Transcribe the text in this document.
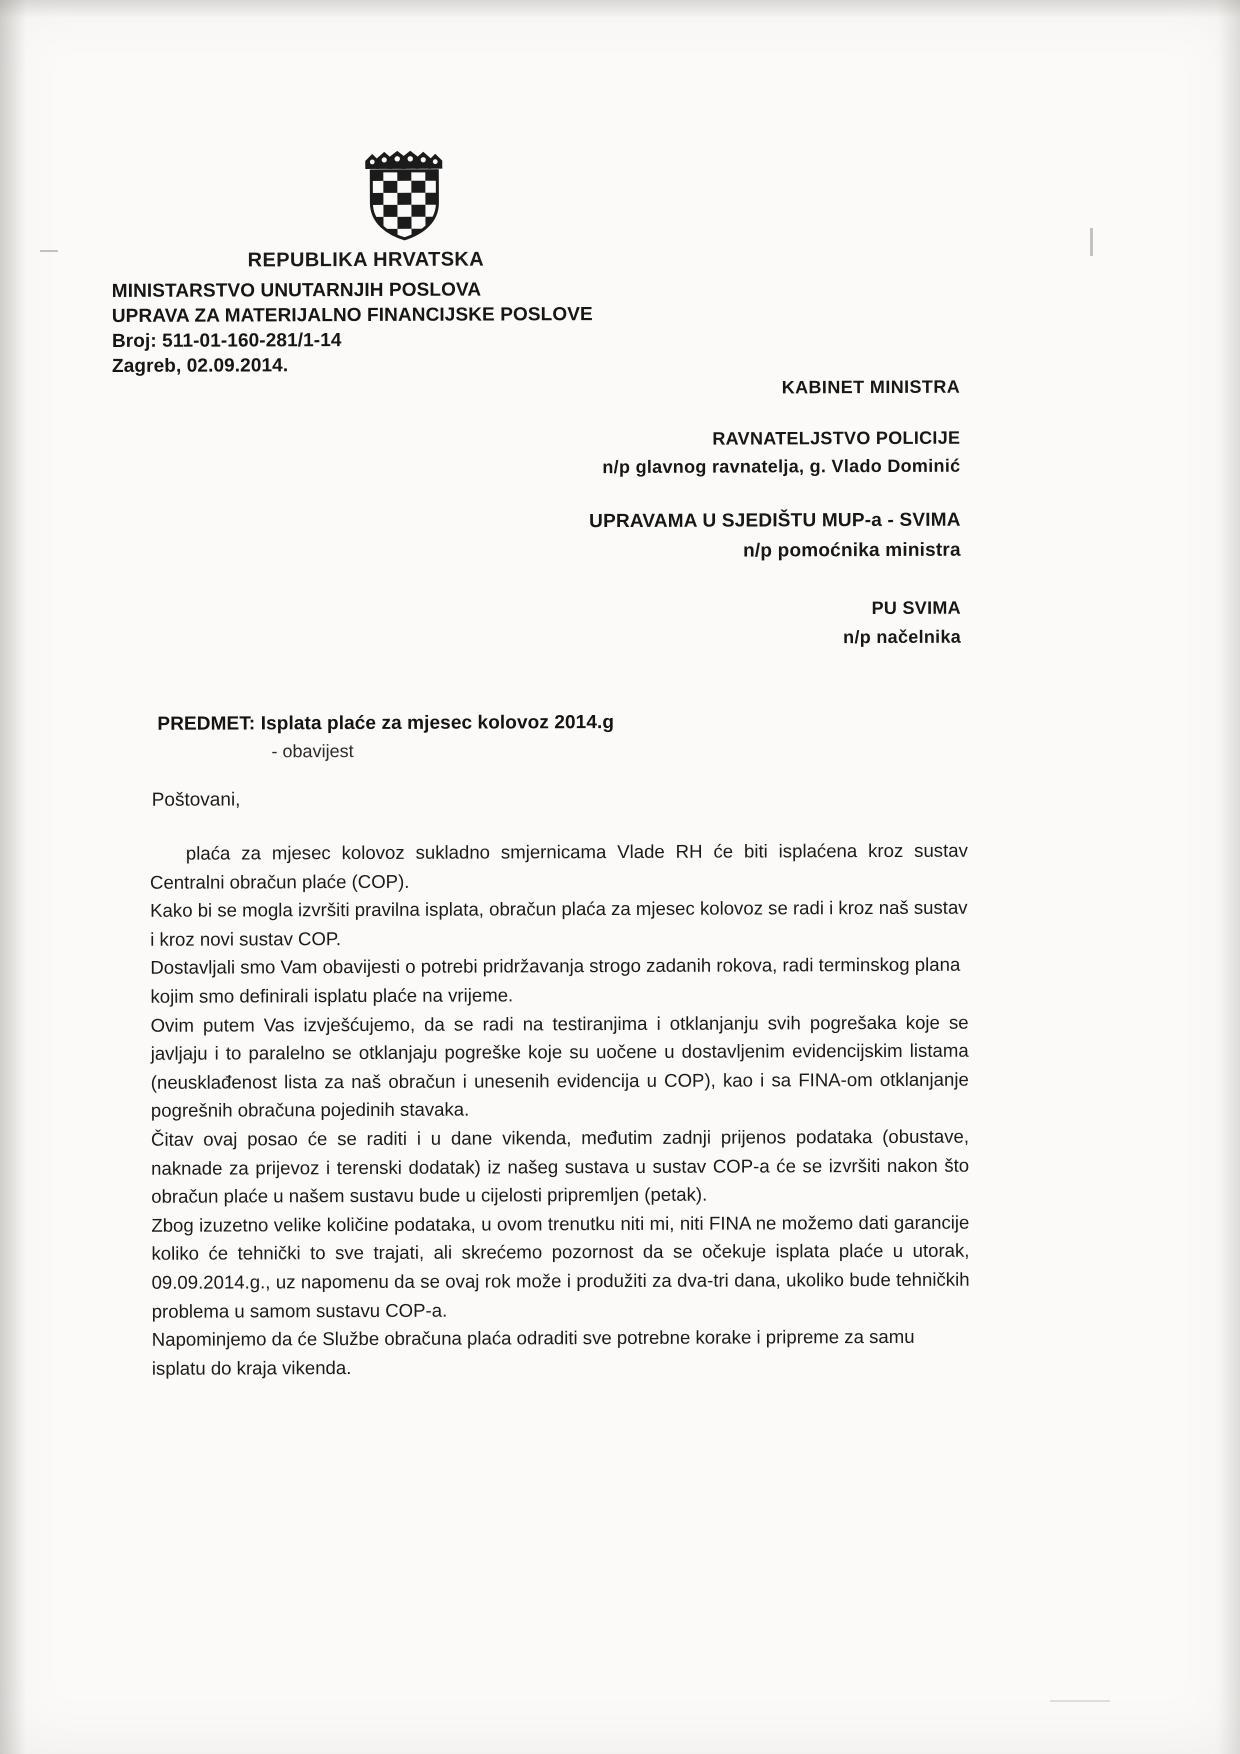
REPUBLIKA HRVATSKA
MINISTARSTVO UNUTARNJIH POSLOVA
UPRAVA ZA MATERIJALNO FINANCIJSKE POSLOVE
Broj: 511-01-160-281/1-14
Zagreb, 02.09.2014.
KABINET MINISTRA
RAVNATELJSTVO POLICIJE
n/p glavnog ravnatelja, g. Vlado Dominić
UPRAVAMA U SJEDIŠTU MUP-a - SVIMA
n/p pomoćnika ministra
PU SVIMA
n/p načelnika
PREDMET: Isplata plaće za mjesec kolovoz 2014.g
- obavijest
Poštovani,

plaća za mjesec kolovoz sukladno smjernicama Vlade RH će biti isplaćena kroz sustav Centralni obračun plaće (COP).

Kako bi se mogla izvršiti pravilna isplata, obračun plaća za mjesec kolovoz se radi i kroz naš sustav i kroz novi sustav COP.

Dostavljali smo Vam obavijesti o potrebi pridržavanja strogo zadanih rokova, radi terminskog plana kojim smo definirali isplatu plaće na vrijeme.

Ovim putem Vas izvješćujemo, da se radi na testiranjima i otklanjanju svih pogrešaka koje se javljaju i to paralelno se otklanjaju pogreške koje su uočene u dostavljenim evidencijskim listama (neusklađenost lista za naš obračun i unesenih evidencija u COP), kao i sa FINA-om otklanjanje pogrešnih obračuna pojedinih stavaka.

Čitav ovaj posao će se raditi i u dane vikenda, međutim zadnji prijenos podataka (obustave, naknade za prijevoz i terenski dodatak) iz našeg sustava u sustav COP-a će se izvršiti nakon što obračun plaće u našem sustavu bude u cijelosti pripremljen (petak).

Zbog izuzetno velike količine podataka, u ovom trenutku niti mi, niti FINA ne možemo dati garancije koliko će tehnički to sve trajati, ali skrećemo pozornost da se očekuje isplata plaće u utorak, 09.09.2014.g., uz napomenu da se ovaj rok može i produžiti za dva-tri dana, ukoliko bude tehničkih problema u samom sustavu COP-a.

Napominjemo da će Službe obračuna plaća odraditi sve potrebne korake i pripreme za samu isplatu do kraja vikenda.
